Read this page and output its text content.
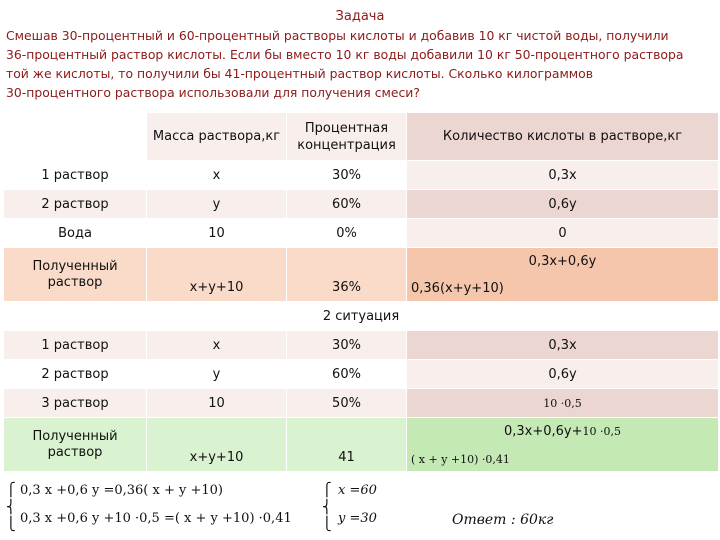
Задача
Смешав 30-процентный и 60-процентный растворы кислоты и добавив 10 кг чистой воды, получили
36-процентный раствор кислоты. Если бы вместо 10 кг воды добавили 10 кг 50-процентного раствора
той же кислоты, то получили бы 41-процентный раствор кислоты. Сколько килограммов
30-процентного раствора использовали для получения смеси?
	Масса раствора,кг	Процентная концентрация	Количество кислоты в растворе,кг
1 раствор	x	30%	0,3x
2 раствор	y	60%	0,6y
Вода	10	0%	0

Полученный раствор	x+y+10	36%	0,3x+0,6y
0,36(x+y+10)

2 ситуация			
1 раствор	x	30%	0,3x
2 раствор	y	60%	0,6y
3 раствор	10	50%	10 ·0,5

Полученный раствор	x+y+10	41	0,3x+0,6y+10 ·0,5
( x + y +10) ·0,41
⎧
⎨
⎩
0,3 x +0,6 y =0,36( x + y +10)
0,3 x +0,6 y +10 ·0,5 =( x + y +10) ·0,41
⎧
⎨
⎩
x =60
y =30	Ответ : 60кг
